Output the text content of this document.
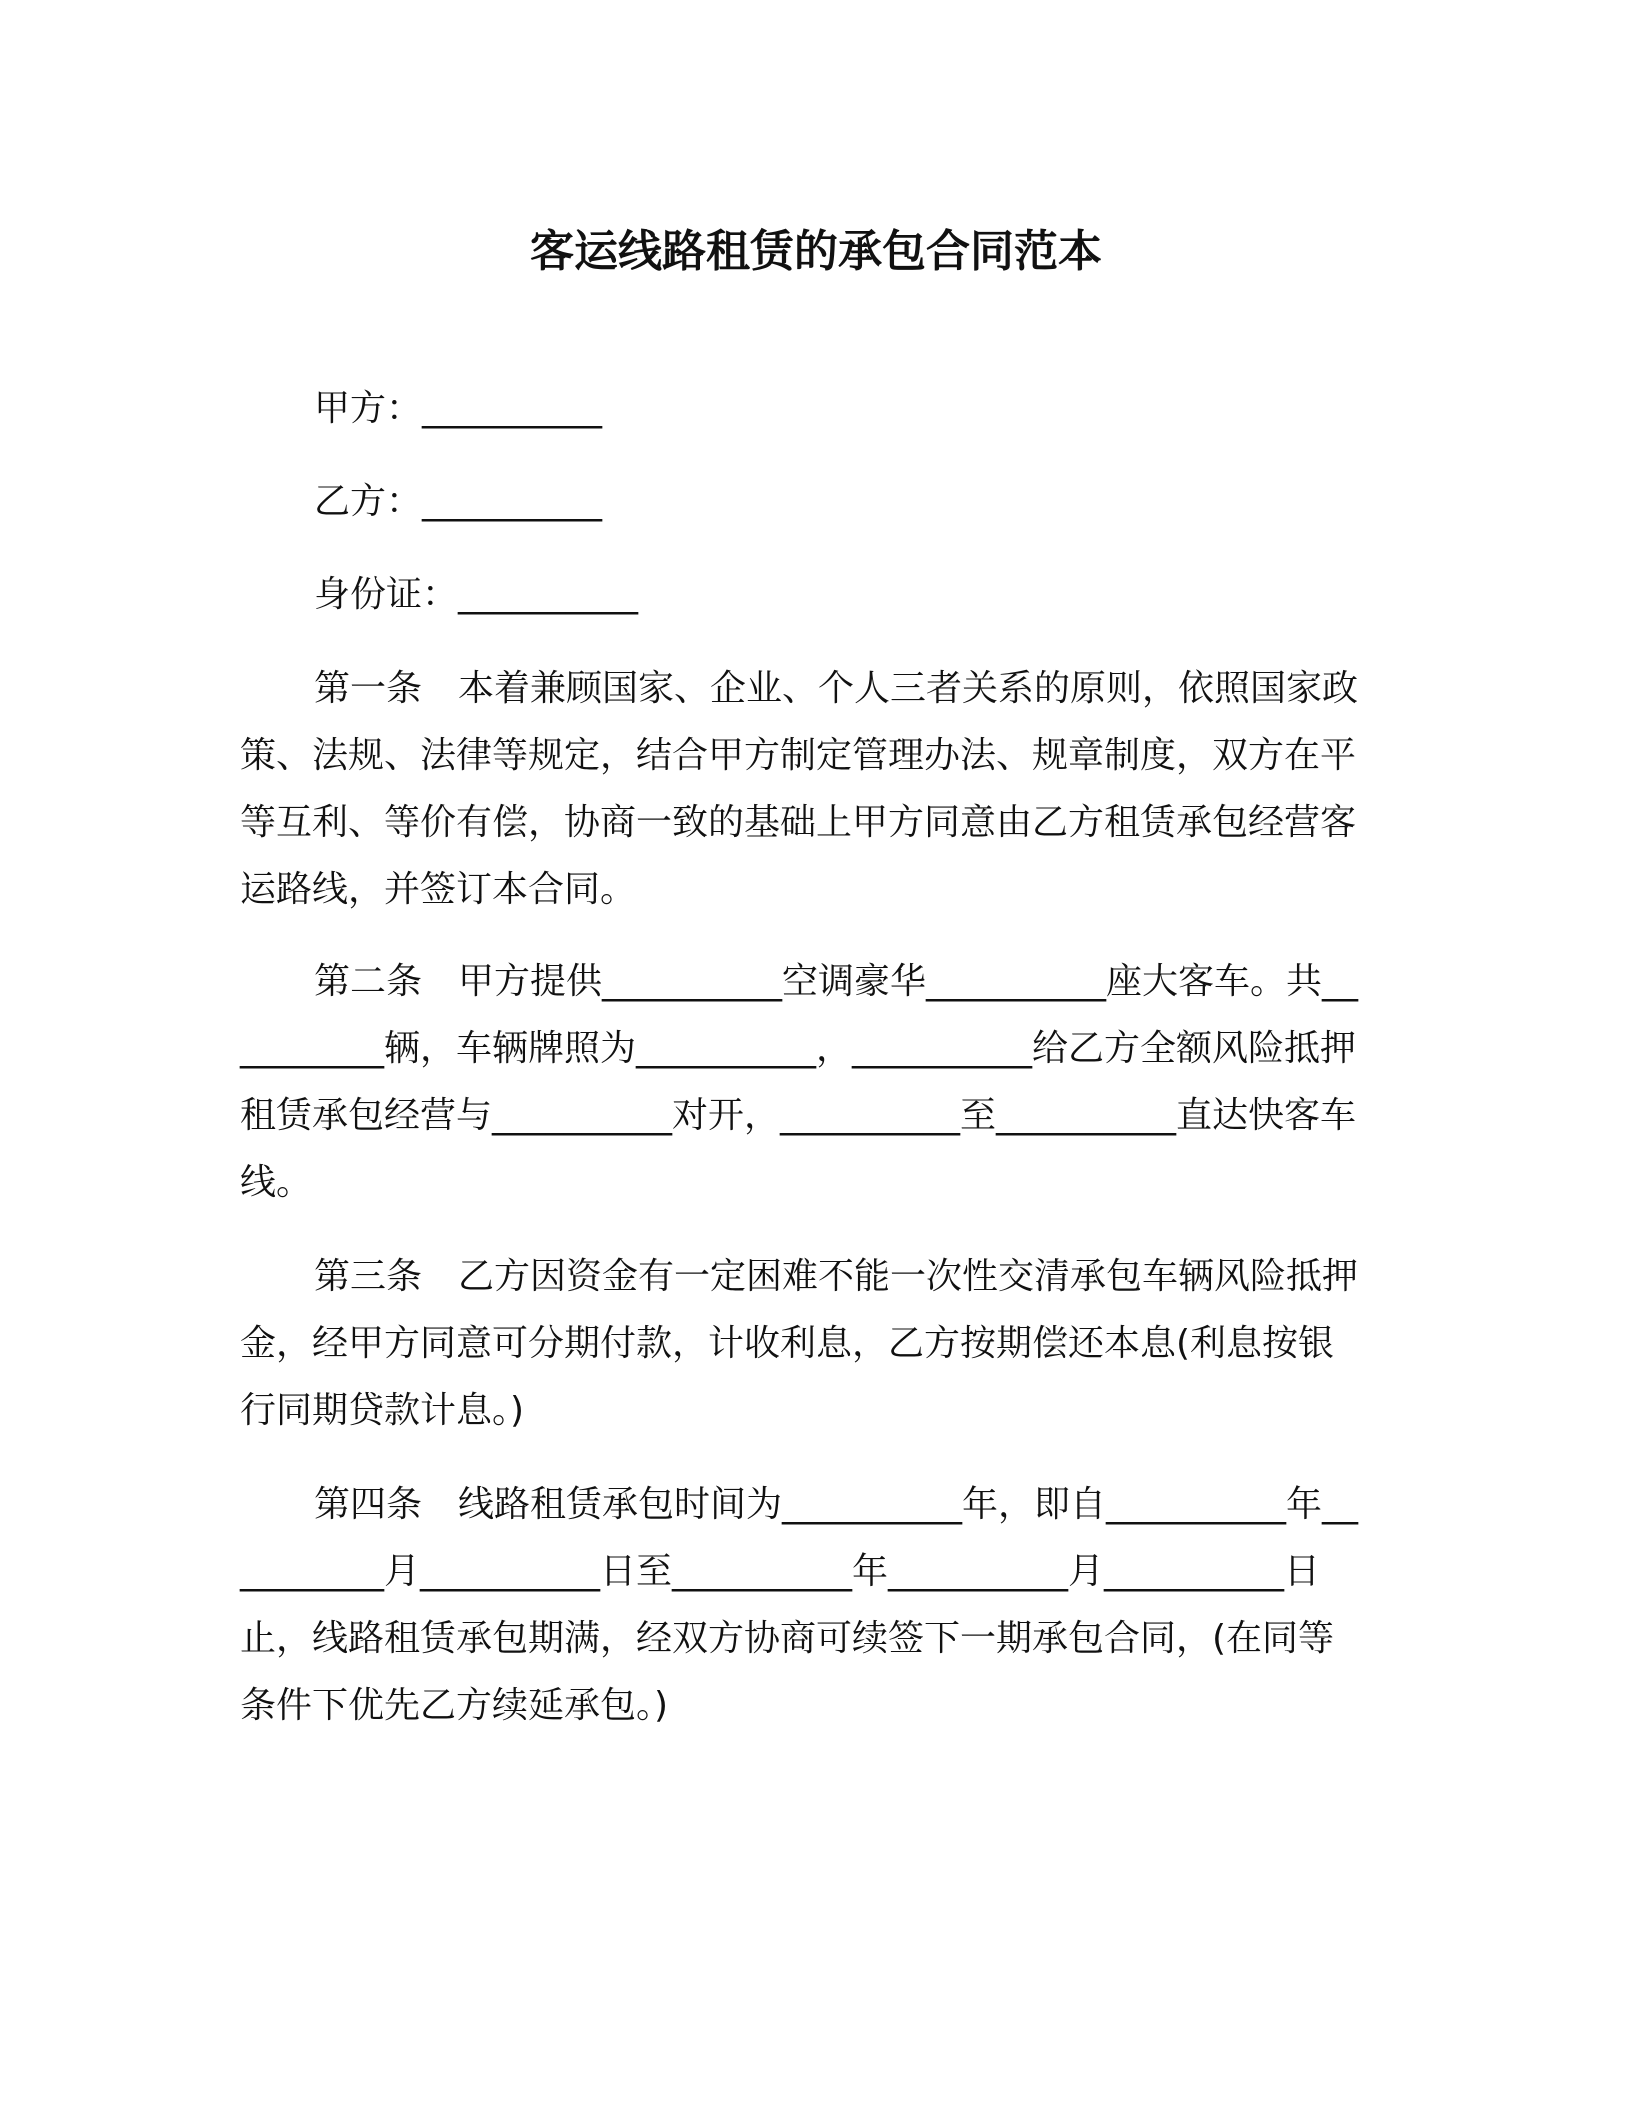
客运线路租赁的承包合同范本
甲方：__________
乙方：__________
身份证：__________

第一条　本着兼顾国家、企业、个人三者关系的原则，依照国家政策、法规、法律等规定，结合甲方制定管理办法、规章制度，双方在平等互利、等价有偿，协商一致的基础上甲方同意由乙方租赁承包经营客运路线，并签订本合同。

第二条　甲方提供__________空调豪华__________座大客车。共__________辆，车辆牌照为__________，__________给乙方全额风险抵押租赁承包经营与__________对开，__________至__________直达快客车线。

第三条　乙方因资金有一定困难不能一次性交清承包车辆风险抵押金，经甲方同意可分期付款，计收利息，乙方按期偿还本息(利息按银行同期贷款计息。)

第四条　线路租赁承包时间为__________年，即自__________年__________月__________日至__________年__________月__________日止，线路租赁承包期满，经双方协商可续签下一期承包合同，(在同等条件下优先乙方续延承包。)
